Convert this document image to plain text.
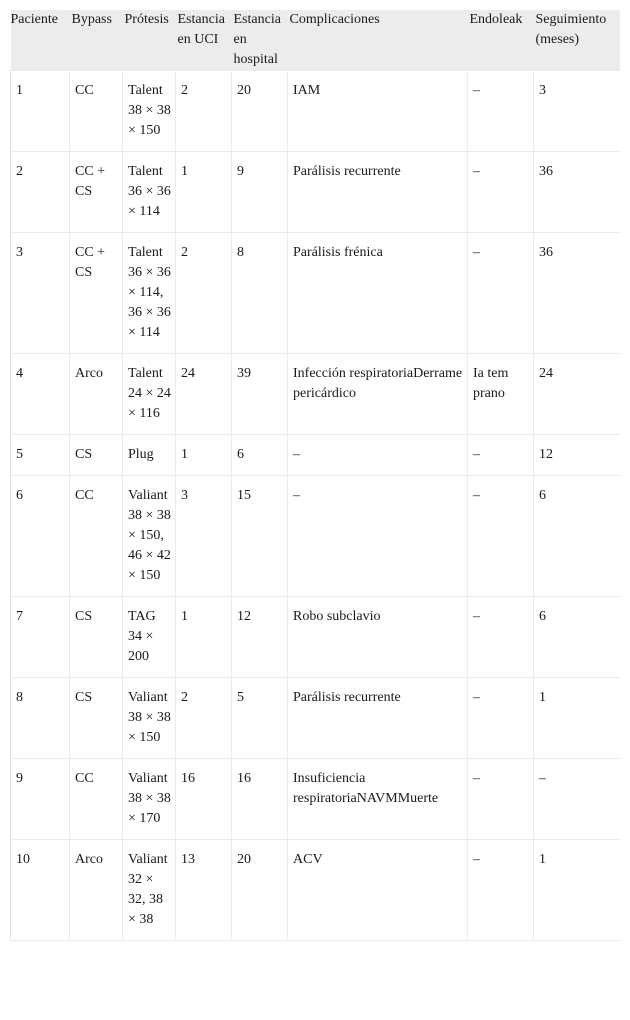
Paciente	Bypass	Prótesis	Estancia en UCI	Estancia en hospital	Complicaciones	Endoleak	Seguimiento (meses)
1	CC	Talent 38 × 38 × 150	2	20	IAM	–	3
2	CC + CS	Talent 36 × 36 × 114	1	9	Parálisis recurrente	–	36
3	CC + CS	Talent 36 × 36 × 114, 36 × 36 × 114	2	8	Parálisis frénica	–	36
4	Arco	Talent 24 × 24 × 116	24	39	Infección respiratoriaDerrame pericárdico	Ia tem prano	24
5	CS	Plug	1	6	–	–	12
6	CC	Valiant 38 × 38 × 150, 46 × 42 × 150	3	15	–	–	6
7	CS	TAG 34 × 200	1	12	Robo subclavio	–	6
8	CS	Valiant 38 × 38 × 150	2	5	Parálisis recurrente	–	1
9	CC	Valiant 38 × 38 × 170	16	16	Insuficiencia respiratoriaNAVMMuerte	–	–
10	Arco	Valiant 32 × 32, 38 × 38	13	20	ACV	–	1
